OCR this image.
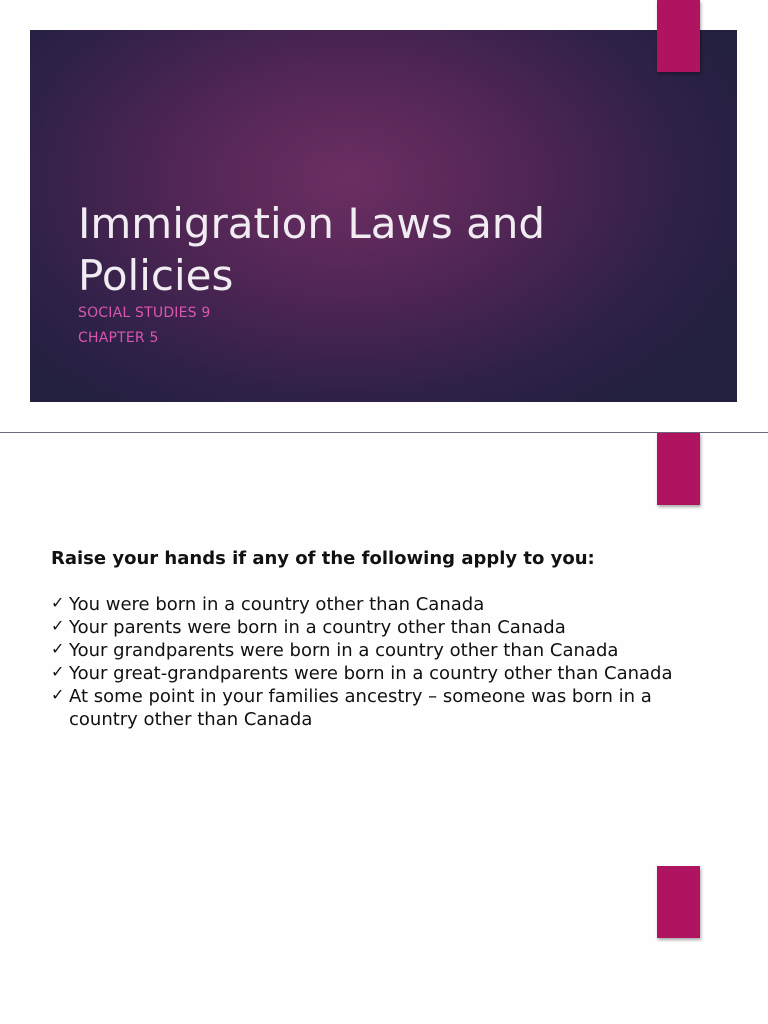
Immigration Laws and Policies
SOCIAL STUDIES 9
CHAPTER 5
Raise your hands if any of the following apply to you:
✓ You were born in a country other than Canada
✓ Your parents were born in a country other than Canada
✓ Your grandparents were born in a country other than Canada
✓ Your great-grandparents were born in a country other than Canada
✓ At some point in your families ancestry – someone was born in a country other than Canada
